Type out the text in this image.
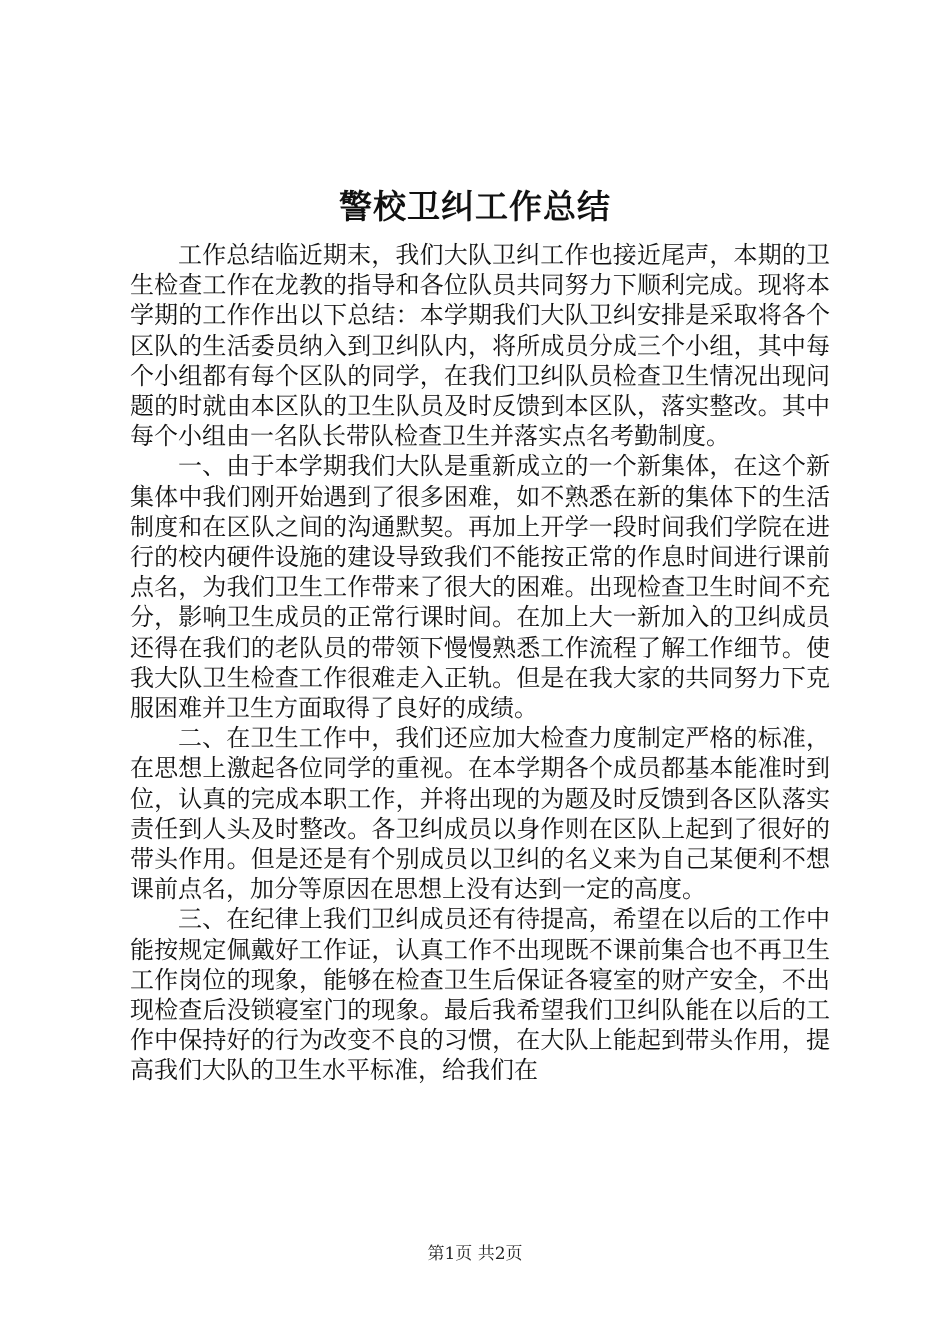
警校卫纠工作总结

工作总结临近期末，我们大队卫纠工作也接近尾声，本期的卫生检查工作在龙教的指导和各位队员共同努力下顺利完成。现将本学期的工作作出以下总结：本学期我们大队卫纠安排是采取将各个区队的生活委员纳入到卫纠队内，将所成员分成三个小组，其中每个小组都有每个区队的同学，在我们卫纠队员检查卫生情况出现问题的时就由本区队的卫生队员及时反馈到本区队，落实整改。其中每个小组由一名队长带队检查卫生并落实点名考勤制度。

一、由于本学期我们大队是重新成立的一个新集体，在这个新集体中我们刚开始遇到了很多困难，如不熟悉在新的集体下的生活制度和在区队之间的沟通默契。再加上开学一段时间我们学院在进行的校内硬件设施的建设导致我们不能按正常的作息时间进行课前点名，为我们卫生工作带来了很大的困难。出现检查卫生时间不充分，影响卫生成员的正常行课时间。在加上大一新加入的卫纠成员还得在我们的老队员的带领下慢慢熟悉工作流程了解工作细节。使我大队卫生检查工作很难走入正轨。但是在我大家的共同努力下克服困难并卫生方面取得了良好的成绩。

二、在卫生工作中，我们还应加大检查力度制定严格的标准，在思想上激起各位同学的重视。在本学期各个成员都基本能准时到位，认真的完成本职工作，并将出现的为题及时反馈到各区队落实责任到人头及时整改。各卫纠成员以身作则在区队上起到了很好的带头作用。但是还是有个别成员以卫纠的名义来为自己某便利不想课前点名，加分等原因在思想上没有达到一定的高度。

三、在纪律上我们卫纠成员还有待提高，希望在以后的工作中能按规定佩戴好工作证，认真工作不出现既不课前集合也不再卫生工作岗位的现象，能够在检查卫生后保证各寝室的财产安全，不出现检查后没锁寝室门的现象。最后我希望我们卫纠队能在以后的工作中保持好的行为改变不良的习惯，在大队上能起到带头作用，提高我们大队的卫生水平标准，给我们在

第1页 共2页
